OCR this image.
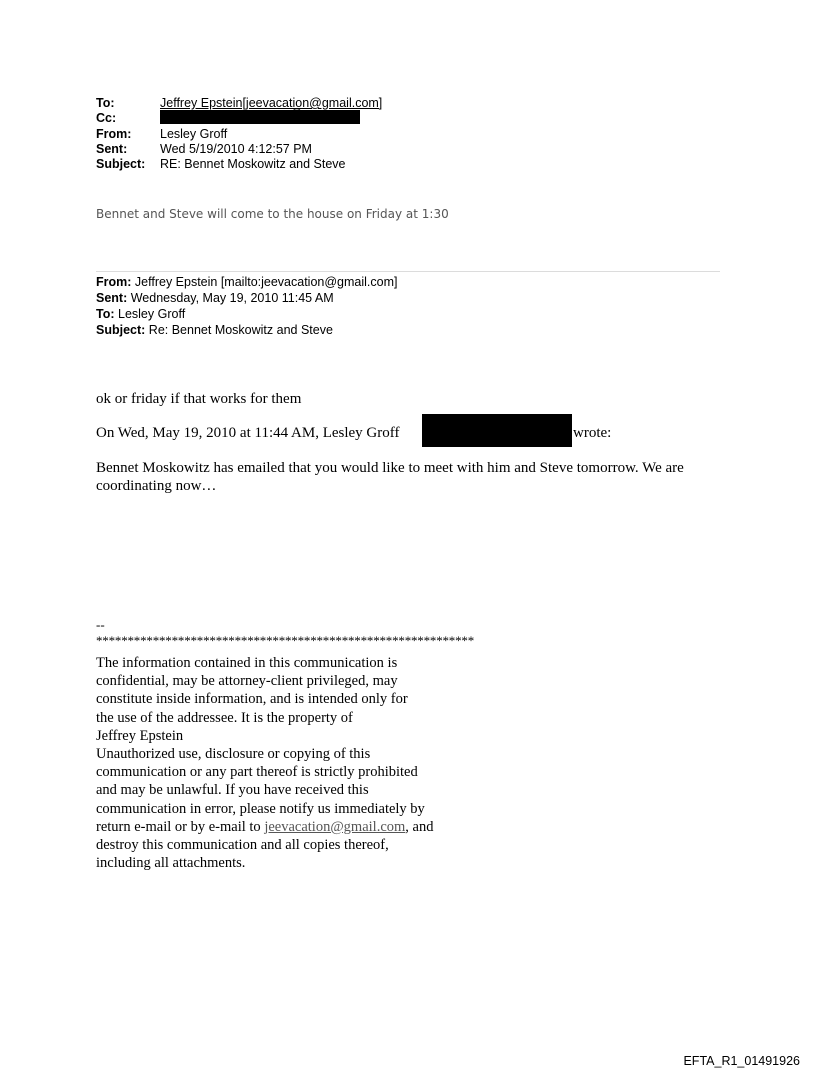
To:	Jeffrey Epstein[jeevacation@gmail.com]
Cc:
From: Lesley Groff
Sent:	Wed 5/19/2010 4:12:57 PM
Subject: RE: Bennet Moskowitz and Steve
Bennet and Steve will come to the house on Friday at 1:30
From: Jeffrey Epstein [mailto:jeevacation@gmail.com]
Sent: Wednesday, May 19, 2010 11:45 AM
To: Lesley Groff
Subject: Re: Bennet Moskowitz and Steve
ok or friday if that works for them
On Wed, May 19, 2010 at 11:44 AM, Lesley Groff	wrote:
Bennet Moskowitz has emailed that you would like to meet with him and Steve tomorrow. We are coordinating now…
--
************************************************************
The information contained in this communication is
confidential, may be attorney-client privileged, may
constitute inside information, and is intended only for
the use of the addressee. It is the property of
Jeffrey Epstein
Unauthorized use, disclosure or copying of this
communication or any part thereof is strictly prohibited
and may be unlawful. If you have received this
communication in error, please notify us immediately by
return e-mail or by e-mail to jeevacation@gmail.com, and
destroy this communication and all copies thereof,
including all attachments.
EFTA_R1_01491926
